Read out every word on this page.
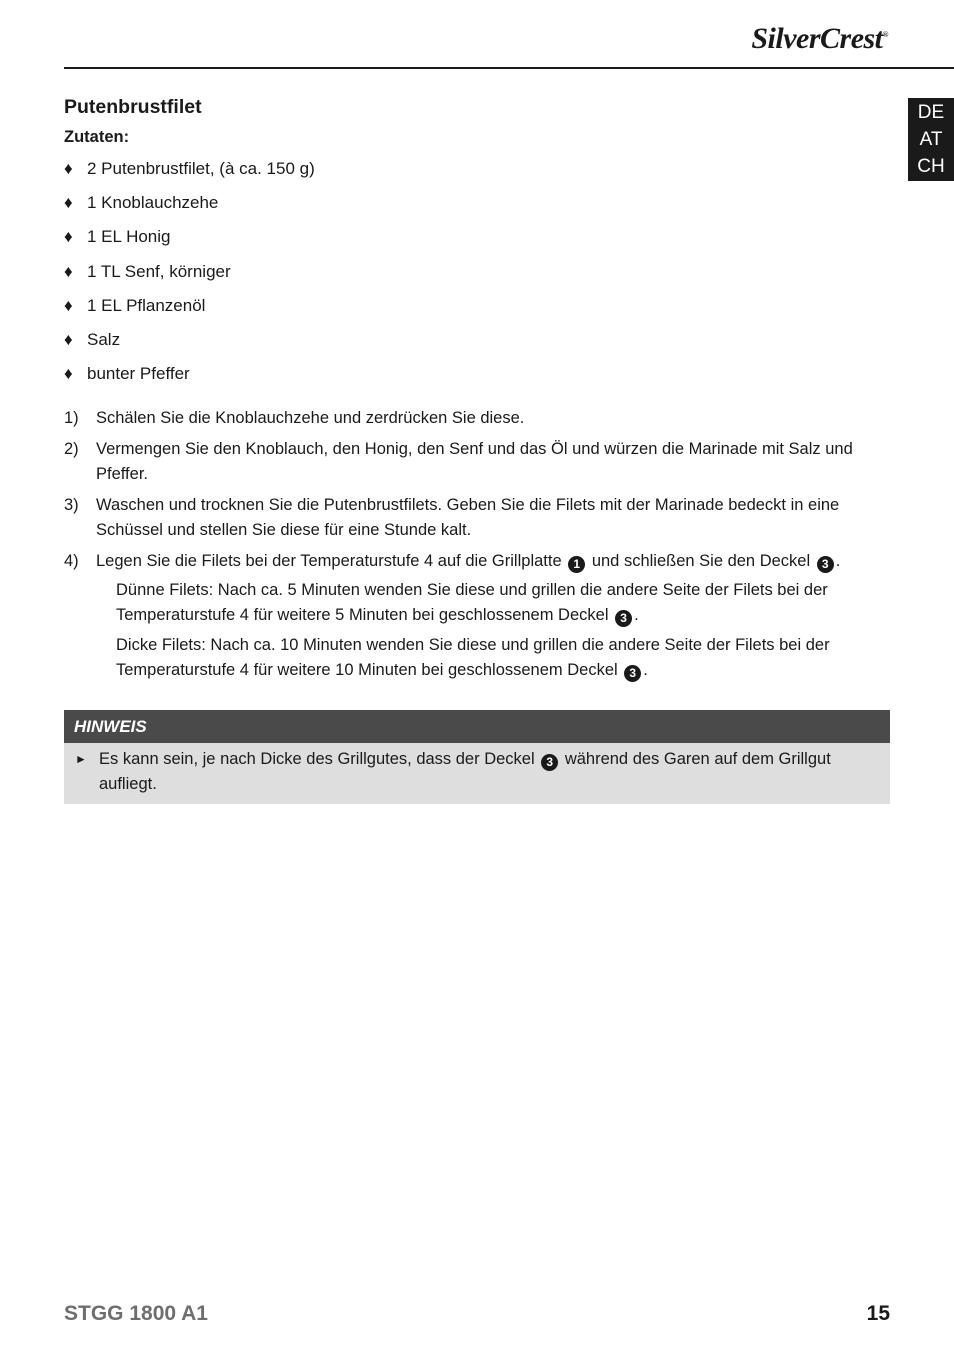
SilverCrest®
DE
AT
CH
Putenbrustfilet
Zutaten:
♦ 2 Putenbrustfilet, (à ca. 150 g)
♦ 1 Knoblauchzehe
♦ 1 EL Honig
♦ 1 TL Senf, körniger
♦ 1 EL Pflanzenöl
♦ Salz
♦ bunter Pfeffer
1)	Schälen Sie die Knoblauchzehe und zerdrücken Sie diese.
2)	Vermengen Sie den Knoblauch, den Honig, den Senf und das Öl und würzen die Marinade mit Salz und Pfeffer.
3)	Waschen und trocknen Sie die Putenbrustfilets. Geben Sie die Filets mit der Marinade bedeckt in eine Schüssel und stellen Sie diese für eine Stunde kalt.
4)	Legen Sie die Filets bei der Temperaturstufe 4 auf die Grillplatte 1 und schließen Sie den Deckel 3 .

Dünne Filets: Nach ca. 5 Minuten wenden Sie diese und grillen die andere Seite der Filets bei der Temperaturstufe 4 für weitere 5 Minuten bei geschlossenem Deckel 3 .

Dicke Filets: Nach ca. 10 Minuten wenden Sie diese und grillen die andere Seite der Filets bei der Temperaturstufe 4 für weitere 10 Minuten bei geschlossenem Deckel 3 .

HINWEIS
► Es kann sein, je nach Dicke des Grillgutes, dass der Deckel 3 während des Garen auf dem Grillgut aufliegt.
STGG 1800 A1	15
